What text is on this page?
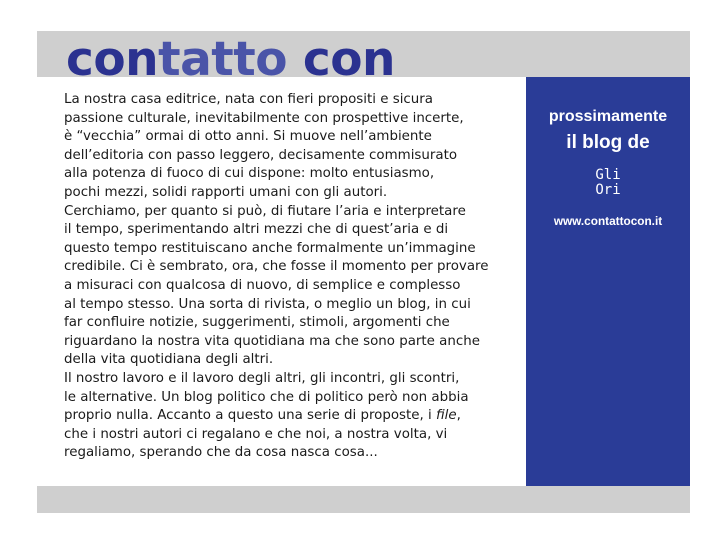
contatto con
La nostra casa editrice, nata con fieri propositi e sicura
passione culturale, inevitabilmente con prospettive incerte,
è “vecchia” ormai di otto anni. Si muove nell’ambiente
dell’editoria con passo leggero, decisamente commisurato
alla potenza di fuoco di cui dispone: molto entusiasmo,
pochi mezzi, solidi rapporti umani con gli autori.
Cerchiamo, per quanto si può, di fiutare l’aria e interpretare
il tempo, sperimentando altri mezzi che di quest’aria e di
questo tempo restituiscano anche formalmente un’immagine
credibile. Ci è sembrato, ora, che fosse il momento per provare
a misuraci con qualcosa di nuovo, di semplice e complesso
al tempo stesso. Una sorta di rivista, o meglio un blog, in cui
far confluire notizie, suggerimenti, stimoli, argomenti che
riguardano la nostra vita quotidiana ma che sono parte anche
della vita quotidiana degli altri.
Il nostro lavoro e il lavoro degli altri, gli incontri, gli scontri,
le alternative. Un blog politico che di politico però non abbia
proprio nulla. Accanto a questo una serie di proposte, i file,
che i nostri autori ci regalano e che noi, a nostra volta, vi
regaliamo, sperando che da cosa nasca cosa...
prossimamente
il blog de
Gli
Ori
www.contattocon.it
